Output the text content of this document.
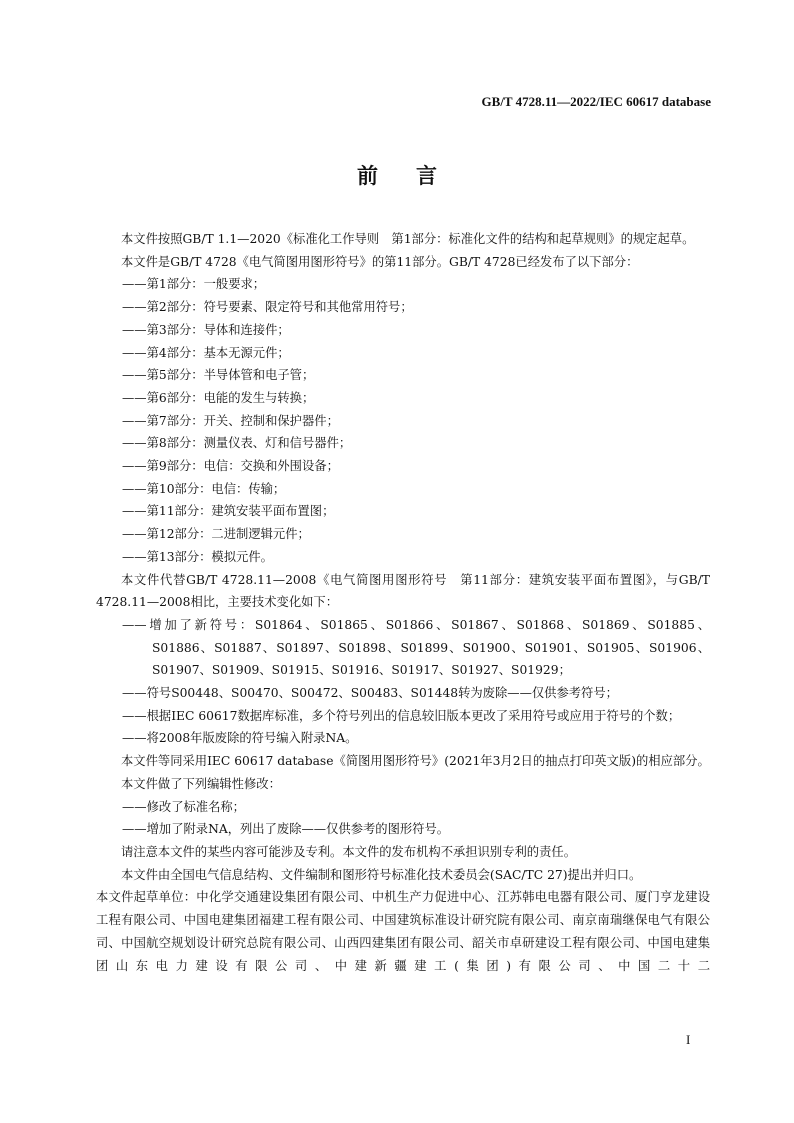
GB/T 4728.11—2022/IEC 60617 database
前言

本文件按照GB/T 1.1—2020《标准化工作导则　第1部分：标准化文件的结构和起草规则》的规定起草。

本文件是GB/T 4728《电气简图用图形符号》的第11部分。GB/T 4728已经发布了以下部分：

——第1部分：一般要求；

——第2部分：符号要素、限定符号和其他常用符号；

——第3部分：导体和连接件；

——第4部分：基本无源元件；

——第5部分：半导体管和电子管；

——第6部分：电能的发生与转换；

——第7部分：开关、控制和保护器件；

——第8部分：测量仪表、灯和信号器件；

——第9部分：电信：交换和外围设备；

——第10部分：电信：传输；

——第11部分：建筑安装平面布置图；

——第12部分：二进制逻辑元件；

——第13部分：模拟元件。

本文件代替GB/T 4728.11—2008《电气简图用图形符号　第11部分：建筑安装平面布置图》，与GB/T 4728.11—2008相比，主要技术变化如下：

——增加了新符号：S01864、S01865、S01866、S01867、S01868、S01869、S01885、S01886、S01887、S01897、S01898、S01899、S01900、S01901、S01905、S01906、S01907、S01909、S01915、S01916、S01917、S01927、S01929；

——符号S00448、S00470、S00472、S00483、S01448转为废除——仅供参考符号；

——根据IEC 60617数据库标准，多个符号列出的信息较旧版本更改了采用符号或应用于符号的个数；

——将2008年版废除的符号编入附录NA。

本文件等同采用IEC 60617 database《简图用图形符号》(2021年3月2日的抽点打印英文版)的相应部分。

本文件做了下列编辑性修改：

——修改了标准名称；

——增加了附录NA，列出了废除——仅供参考的图形符号。

请注意本文件的某些内容可能涉及专利。本文件的发布机构不承担识别专利的责任。

本文件由全国电气信息结构、文件编制和图形符号标准化技术委员会(SAC/TC 27)提出并归口。

本文件起草单位：中化学交通建设集团有限公司、中机生产力促进中心、江苏韩电电器有限公司、厦门亨龙建设工程有限公司、中国电建集团福建工程有限公司、中国建筑标准设计研究院有限公司、南京南瑞继保电气有限公司、中国航空规划设计研究总院有限公司、山西四建集团有限公司、韶关市卓研建设工程有限公司、中国电建集团山东电力建设有限公司、中建新疆建工(集团)有限公司、中国二十二

I
